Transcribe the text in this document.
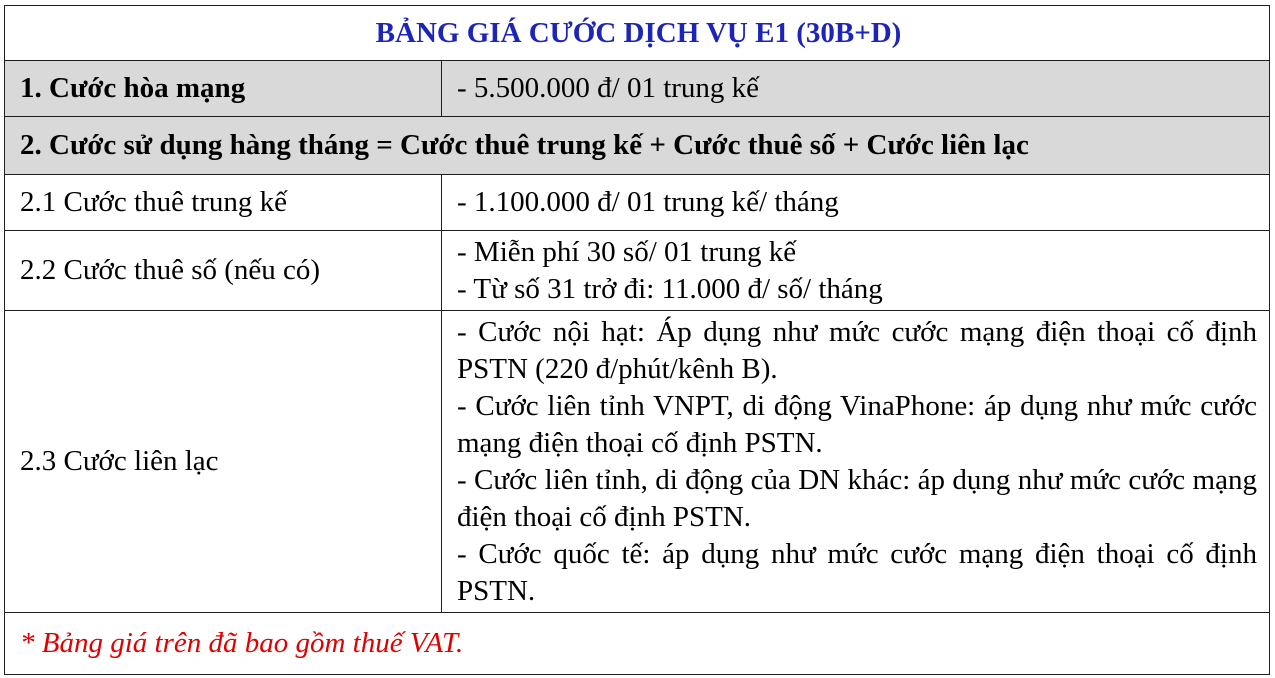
BẢNG GIÁ CƯỚC DỊCH VỤ E1 (30B+D)	
1. Cước hòa mạng	- 5.500.000 đ/ 01 trung kế
2. Cước sử dụng hàng tháng = Cước thuê trung kế + Cước thuê số + Cước liên lạc	
2.1 Cước thuê trung kế	- 1.100.000 đ/ 01 trung kế/ tháng
2.2 Cước thuê số (nếu có)	- Miễn phí 30 số/ 01 trung kế
- Từ số 31 trở đi: 11.000 đ/ số/ tháng

2.3 Cước liên lạc	- Cước nội hạt: Áp dụng như mức cước mạng điện thoại cố định PSTN (220 đ/phút/kênh B).
- Cước liên tỉnh VNPT, di động VinaPhone: áp dụng như mức cước mạng điện thoại cố định PSTN.
- Cước liên tỉnh, di động của DN khác: áp dụng như mức cước mạng điện thoại cố định PSTN.
- Cước quốc tế: áp dụng như mức cước mạng điện thoại cố định PSTN.

* Bảng giá trên đã bao gồm thuế VAT.	
